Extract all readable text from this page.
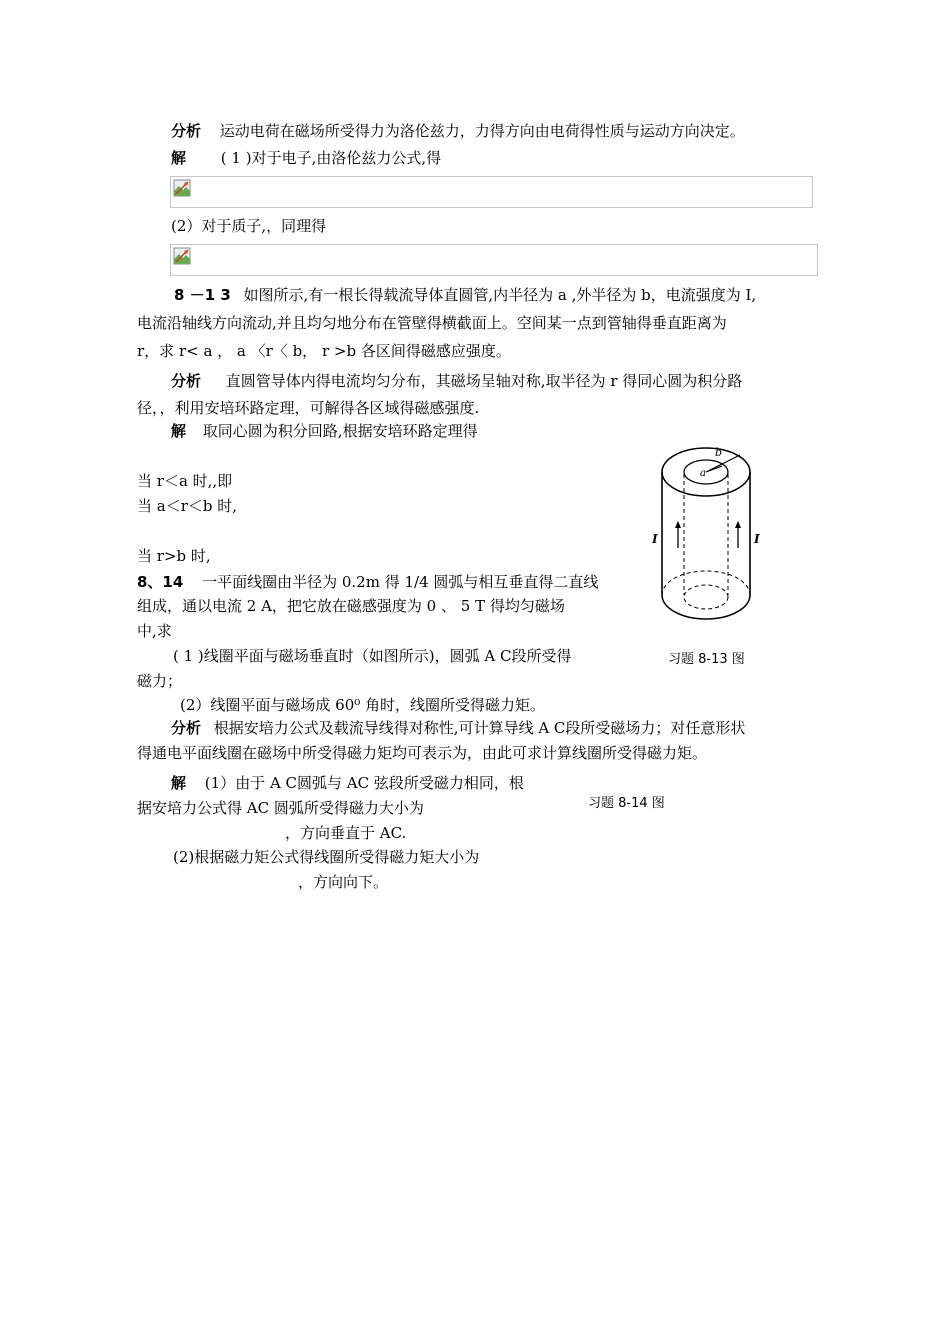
分析 运动电荷在磁场所受得力为洛伦兹力，力得方向由电荷得性质与运动方向决定。
解 ( 1 )对于电子,由洛伦兹力公式,得
(2）对于质子,，同理得
8 －1 3 如图所示,有一根长得载流导体直圆管,内半径为 a ,外半径为 b，电流强度为 I,
电流沿轴线方向流动,并且均匀地分布在管壁得横截面上。空间某一点到管轴得垂直距离为
r，求 r< a ， a 〈r〈 b， r >b 各区间得磁感应强度。
分析 直圆管导体内得电流均匀分布，其磁场呈轴对称,取半径为 r 得同心圆为积分路
径，，利用安培环路定理，可解得各区域得磁感强度.
解 取同心圆为积分回路,根据安培环路定理得
当 r＜a 时,,即
当 a＜r＜b 时,
当 r>b 时,
8、14 一平面线圈由半径为 0.2m 得 1/4 圆弧与相互垂直得二直线
组成，通以电流 2 A，把它放在磁感强度为 0 、 5 T 得均匀磁场
中,求
( 1 )线圈平面与磁场垂直时（如图所示)，圆弧 A C段所受得
磁力；
(2）线圈平面与磁场成 60⁰ 角时，线圈所受得磁力矩。
分析 根据安培力公式及载流导线得对称性,可计算导线 A C段所受磁场力；对任意形状
得通电平面线圈在磁场中所受得磁力矩均可表示为，由此可求计算线圈所受得磁力矩。
解 (1）由于 A C圆弧与 AC 弦段所受磁力相同，根
据安培力公式得 AC 圆弧所受得磁力大小为
，方向垂直于 AC.
(2)根据磁力矩公式得线圈所受得磁力矩大小为
，方向向下。
b
a
I	I
习题 8-13 图
习题 8-14 图
